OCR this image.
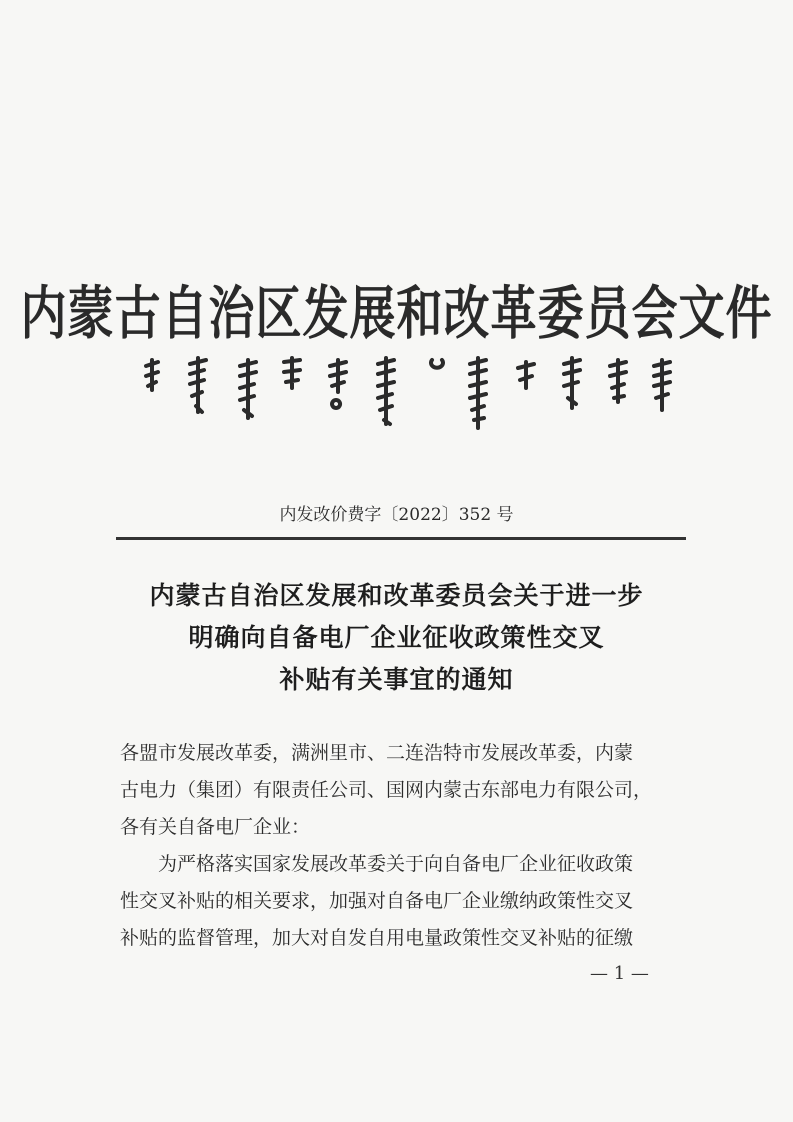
内蒙古自治区发展和改革委员会文件
ᠥᠪᠥᠷ ᠮᠣᠩᠭᠣᠯ ᠤᠨ ᠥᠪᠡᠷᠲᠡᠭᠡᠨ ᠵᠠᠰᠠᠬᠤ ᠣᠷᠣᠨ ᠤ ᠬᠥᠭᠵᠢᠯ ᠥᠪᠡᠷᠡᠴᠢᠯᠡᠯᠲᠡ ᠶᠢᠨ ᠬᠣᠷᠢᠶ᠎ᠠ ᠶᠢᠨ ᠪᠢᠴᠢᠭ
内发改价费字〔2022〕352 号
内蒙古自治区发展和改革委员会关于进一步
明确向自备电厂企业征收政策性交叉
补贴有关事宜的通知
各盟市发展改革委，满洲里市、二连浩特市发展改革委，内蒙
古电力（集团）有限责任公司、国网内蒙古东部电力有限公司，
各有关自备电厂企业：
为严格落实国家发展改革委关于向自备电厂企业征收政策
性交叉补贴的相关要求，加强对自备电厂企业缴纳政策性交叉
补贴的监督管理，加大对自发自用电量政策性交叉补贴的征缴
— 1 —
